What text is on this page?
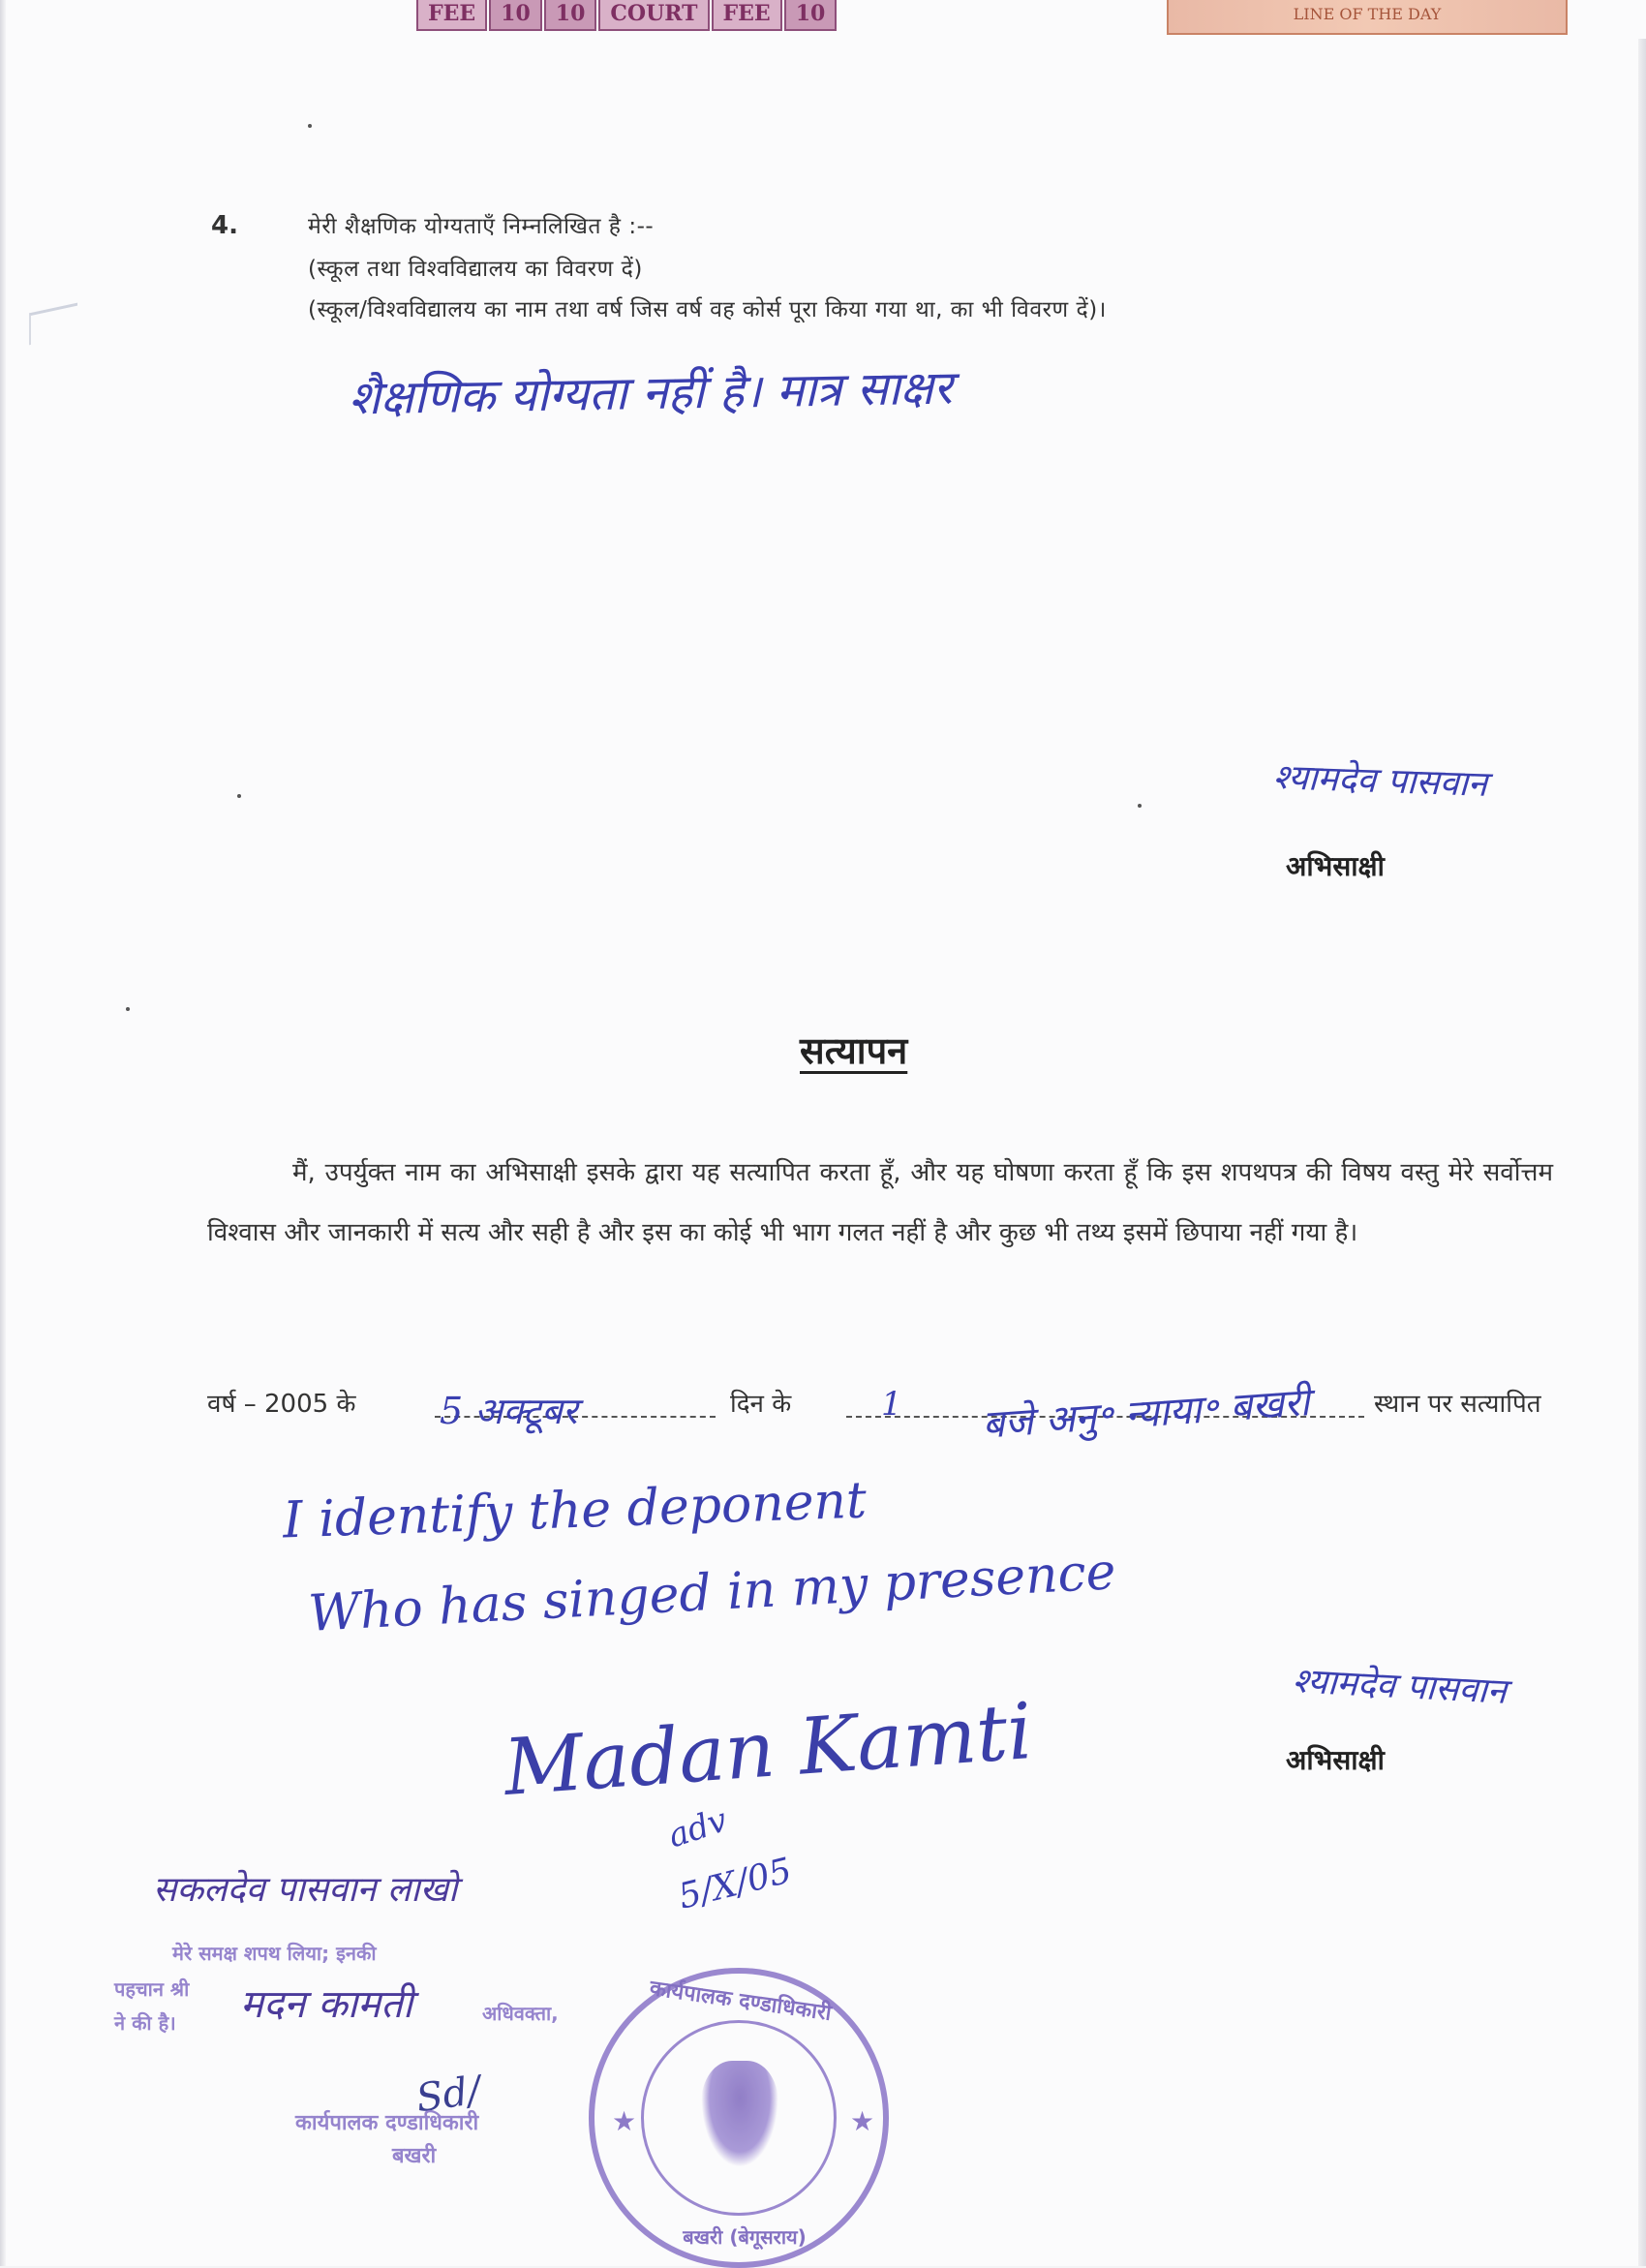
FEE	10	10	COURT	FEE	10	LINE OF THE DAY
4.	मेरी शैक्षणिक योग्यताएँ निम्नलिखित है :--
(स्कूल तथा विश्वविद्यालय का विवरण दें)
(स्कूल/विश्वविद्यालय का नाम तथा वर्ष जिस वर्ष वह कोर्स पूरा किया गया था, का भी विवरण दें)।
शैक्षणिक योग्यता नहीं है। मात्र साक्षर
श्यामदेव पासवान
अभिसाक्षी
सत्यापन
मैं, उपर्युक्त नाम का अभिसाक्षी इसके द्वारा यह सत्यापित करता हूँ, और यह घोषणा करता हूँ कि इस शपथपत्र की विषय वस्तु मेरे सर्वोत्तम विश्वास और जानकारी में सत्य और सही है और इस का कोई भी भाग गलत नहीं है और कुछ भी तथ्य इसमें छिपाया नहीं गया है।
वर्ष – 2005 के 5 अक्टूबर	दिन के	1 बजे अनु॰ न्याया॰ बखरी स्थान पर सत्यापित
I identify the deponent
Who has singed in my presence
Madan Kamti
adv
5/X/05
श्यामदेव पासवान
अभिसाक्षी
सकलदेव पासवान लाखो
मेरे समक्ष शपथ लिया; इनकी
पहचान श्री
ने की है।	अधिवक्ता,
मदन कामती
Sd/
कार्यपालक दण्डाधिकारी
बखरी
कार्यपालक दण्डाधिकारी
★	★
बखरी (बेगूसराय)
